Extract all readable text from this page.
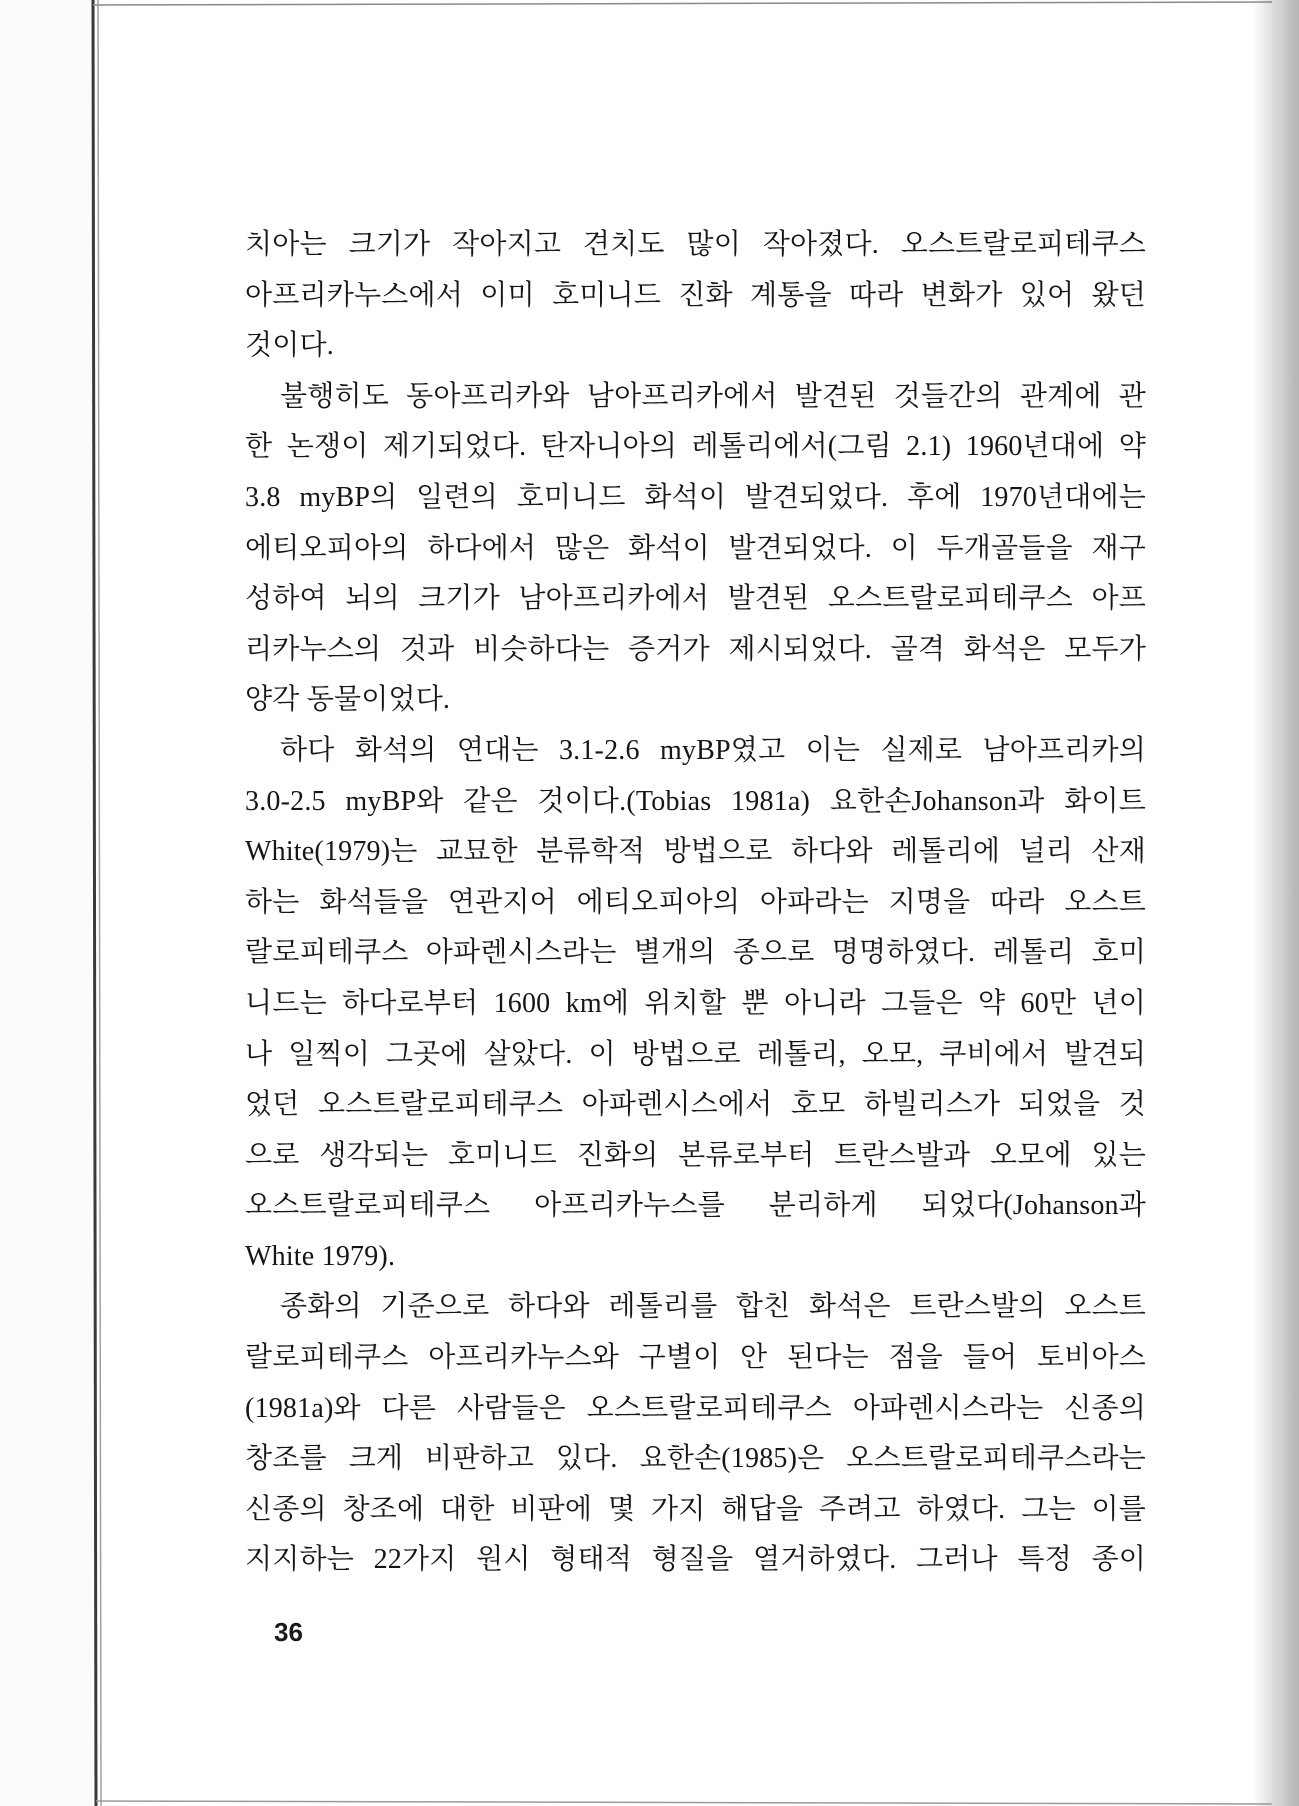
치아는 크기가 작아지고 견치도 많이 작아졌다. 오스트랄로피테쿠스
아프리카누스에서 이미 호미니드 진화 계통을 따라 변화가 있어 왔던
것이다.
불행히도 동아프리카와 남아프리카에서 발견된 것들간의 관계에 관
한 논쟁이 제기되었다. 탄자니아의 레톨리에서(그림 2.1) 1960년대에 약
3.8 myBP의 일련의 호미니드 화석이 발견되었다. 후에 1970년대에는
에티오피아의 하다에서 많은 화석이 발견되었다. 이 두개골들을 재구
성하여 뇌의 크기가 남아프리카에서 발견된 오스트랄로피테쿠스 아프
리카누스의 것과 비슷하다는 증거가 제시되었다. 골격 화석은 모두가
양각 동물이었다.
하다 화석의 연대는 3.1-2.6 myBP였고 이는 실제로 남아프리카의
3.0-2.5 myBP와 같은 것이다.(Tobias 1981a) 요한손Johanson과 화이트
White(1979)는 교묘한 분류학적 방법으로 하다와 레톨리에 널리 산재
하는 화석들을 연관지어 에티오피아의 아파라는 지명을 따라 오스트
랄로피테쿠스 아파렌시스라는 별개의 종으로 명명하였다. 레톨리 호미
니드는 하다로부터 1600 km에 위치할 뿐 아니라 그들은 약 60만 년이
나 일찍이 그곳에 살았다. 이 방법으로 레톨리, 오모, 쿠비에서 발견되
었던 오스트랄로피테쿠스 아파렌시스에서 호모 하빌리스가 되었을 것
으로 생각되는 호미니드 진화의 본류로부터 트란스발과 오모에 있는
오스트랄로피테쿠스 아프리카누스를 분리하게 되었다(Johanson과
White 1979).
종화의 기준으로 하다와 레톨리를 합친 화석은 트란스발의 오스트
랄로피테쿠스 아프리카누스와 구별이 안 된다는 점을 들어 토비아스
(1981a)와 다른 사람들은 오스트랄로피테쿠스 아파렌시스라는 신종의
창조를 크게 비판하고 있다. 요한손(1985)은 오스트랄로피테쿠스라는
신종의 창조에 대한 비판에 몇 가지 해답을 주려고 하였다. 그는 이를
지지하는 22가지 원시 형태적 형질을 열거하였다. 그러나 특정 종이
36
